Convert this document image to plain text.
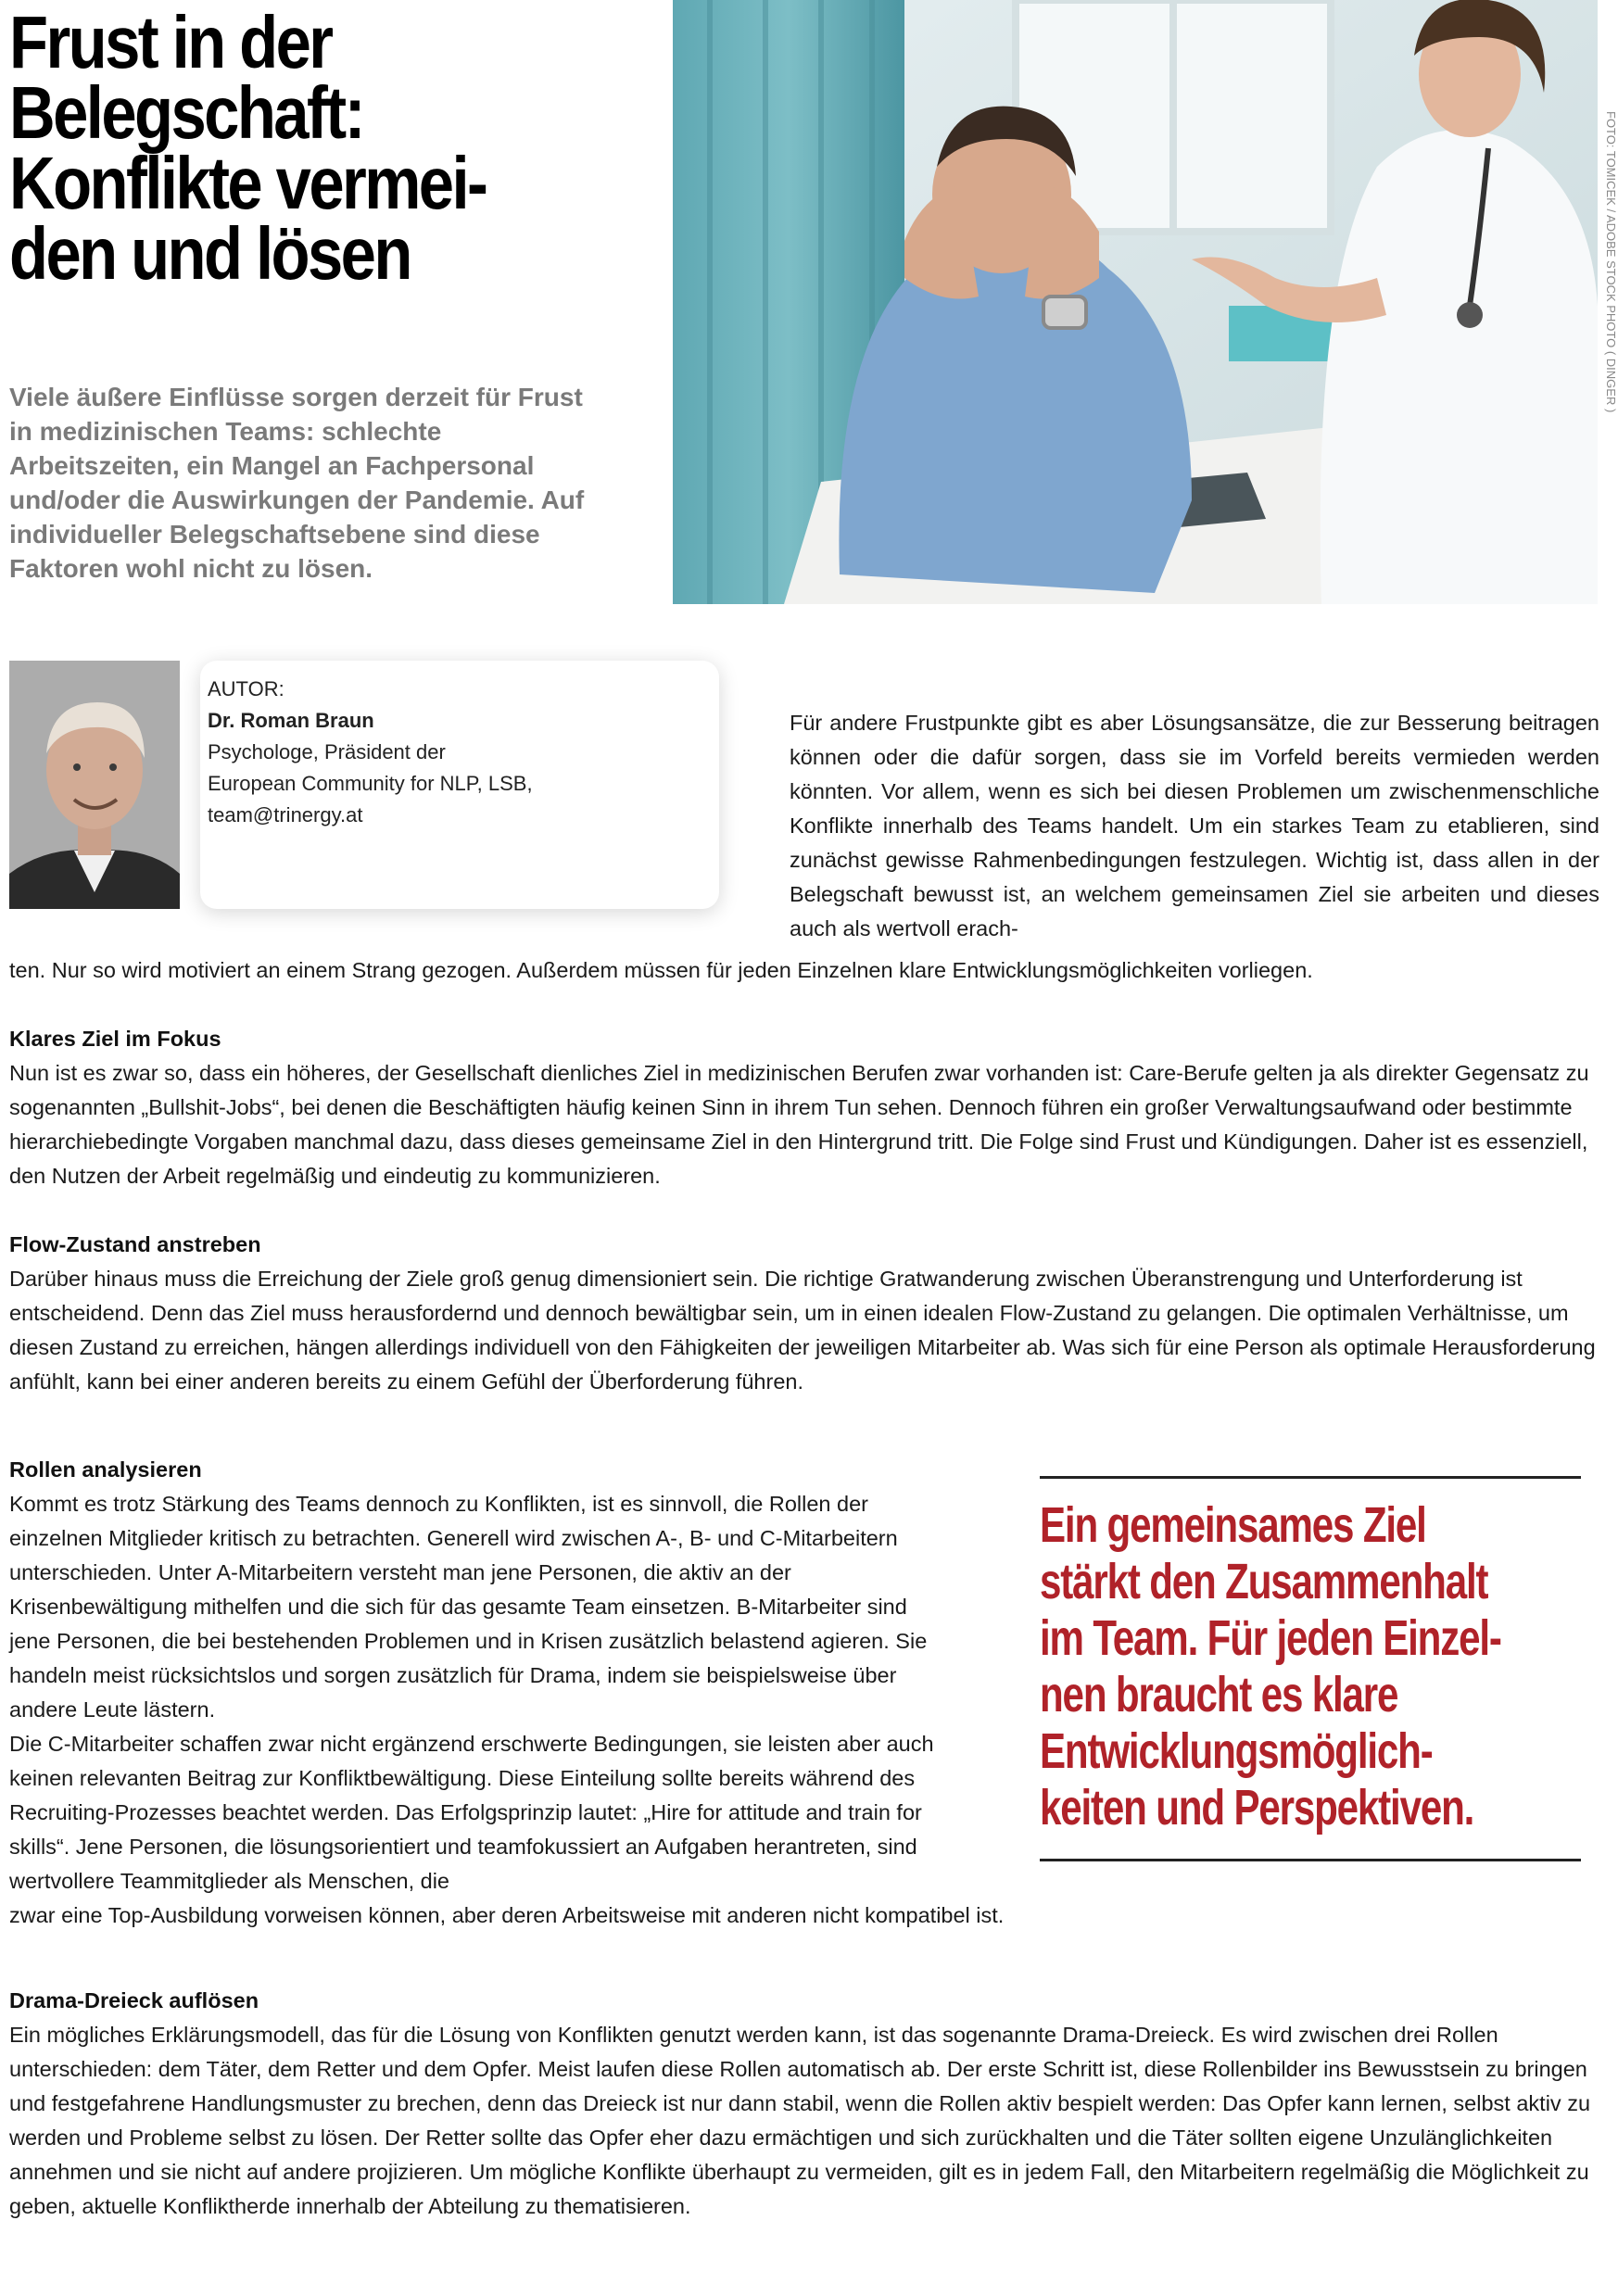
Frust in der
Belegschaft:
Konflikte vermei-
den und lösen

Viele äußere Einflüsse sorgen derzeit für Frust in medizinischen Teams: schlechte Arbeitszeiten, ein Mangel an Fachpersonal und/oder die Auswirkungen der Pandemie. Auf individueller Belegschaftsebene sind diese Faktoren wohl nicht zu lösen.

FOTO: TOMICEK / ADOBE STOCK PHOTO ( DINGER )
AUTOR:
Dr. Roman Braun
Psychologe, Präsident der
European Community for NLP, LSB,
team@trinergy.at

Für andere Frustpunkte gibt es aber Lösungsansätze, die zur Besserung beitragen können oder die dafür sorgen, dass sie im Vorfeld bereits vermieden werden könnten. Vor allem, wenn es sich bei diesen Problemen um zwischenmenschliche Konflikte innerhalb des Teams handelt. Um ein starkes Team zu etablieren, sind zunächst gewisse Rahmenbedingungen festzulegen. Wichtig ist, dass allen in der Belegschaft bewusst ist, an welchem gemeinsamen Ziel sie arbeiten und dieses auch als wertvoll erach-

ten. Nur so wird motiviert an einem Strang gezogen. Außerdem müssen für jeden Einzelnen klare Entwicklungsmöglichkeiten vorliegen.

Klares Ziel im Fokus

Nun ist es zwar so, dass ein höheres, der Gesellschaft dienliches Ziel in medizinischen Berufen zwar vorhanden ist: Care-Berufe gelten ja als direkter Gegensatz zu sogenannten „Bullshit-Jobs“, bei denen die Beschäftigten häufig keinen Sinn in ihrem Tun sehen. Dennoch führen ein großer Verwaltungsaufwand oder bestimmte hierarchiebedingte Vorgaben manchmal dazu, dass dieses gemeinsame Ziel in den Hintergrund tritt. Die Folge sind Frust und Kündigungen. Daher ist es essenziell, den Nutzen der Arbeit regelmäßig und eindeutig zu kommunizieren.

Flow-Zustand anstreben

Darüber hinaus muss die Erreichung der Ziele groß genug dimensioniert sein. Die richtige Gratwanderung zwischen Überanstrengung und Unterforderung ist entscheidend. Denn das Ziel muss herausfordernd und dennoch bewältigbar sein, um in einen idealen Flow-Zustand zu gelangen. Die optimalen Verhältnisse, um diesen Zustand zu erreichen, hängen allerdings individuell von den Fähigkeiten der jeweiligen Mitarbeiter ab. Was sich für eine Person als optimale Herausforderung anfühlt, kann bei einer anderen bereits zu einem Gefühl der Überforderung führen.

Rollen analysieren

Kommt es trotz Stärkung des Teams dennoch zu Konflikten, ist es sinnvoll, die Rollen der einzelnen Mitglieder kritisch zu betrachten. Generell wird zwischen A-, B- und C-Mitarbeitern unterschieden. Unter A-Mitarbeitern versteht man jene Personen, die aktiv an der Krisenbewältigung mithelfen und die sich für das gesamte Team einsetzen. B-Mitarbeiter sind jene Personen, die bei bestehenden Problemen und in Krisen zusätzlich belastend agieren. Sie handeln meist rücksichtslos und sorgen zusätzlich für Drama, indem sie beispielsweise über andere Leute lästern.

Die C-Mitarbeiter schaffen zwar nicht ergänzend erschwerte Bedingungen, sie leisten aber auch keinen relevanten Beitrag zur Konfliktbewältigung. Diese Einteilung sollte bereits während des Recruiting-Prozesses beachtet werden. Das Erfolgsprinzip lautet: „Hire for attitude and train for skills“. Jene Personen, die lösungsorientiert und teamfokussiert an Aufgaben herantreten, sind wertvollere Teammitglieder als Menschen, die

zwar eine Top-Ausbildung vorweisen können, aber deren Arbeitsweise mit anderen nicht kompatibel ist.

Ein gemeinsames Ziel
stärkt den Zusammenhalt
im Team. Für jeden Einzel-
nen braucht es klare
Entwicklungsmöglich-
keiten und Perspektiven.

Drama-Dreieck auflösen

Ein mögliches Erklärungsmodell, das für die Lösung von Konflikten genutzt werden kann, ist das sogenannte Drama-Dreieck. Es wird zwischen drei Rollen unterschieden: dem Täter, dem Retter und dem Opfer. Meist laufen diese Rollen automatisch ab. Der erste Schritt ist, diese Rollenbilder ins Bewusstsein zu bringen und festgefahrene Handlungsmuster zu brechen, denn das Dreieck ist nur dann stabil, wenn die Rollen aktiv bespielt werden: Das Opfer kann lernen, selbst aktiv zu werden und Probleme selbst zu lösen. Der Retter sollte das Opfer eher dazu ermächtigen und sich zurückhalten und die Täter sollten eigene Unzulänglichkeiten annehmen und sie nicht auf andere projizieren. Um mögliche Konflikte überhaupt zu vermeiden, gilt es in jedem Fall, den Mitarbeitern regelmäßig die Möglichkeit zu geben, aktuelle Konfliktherde innerhalb der Abteilung zu thematisieren.
